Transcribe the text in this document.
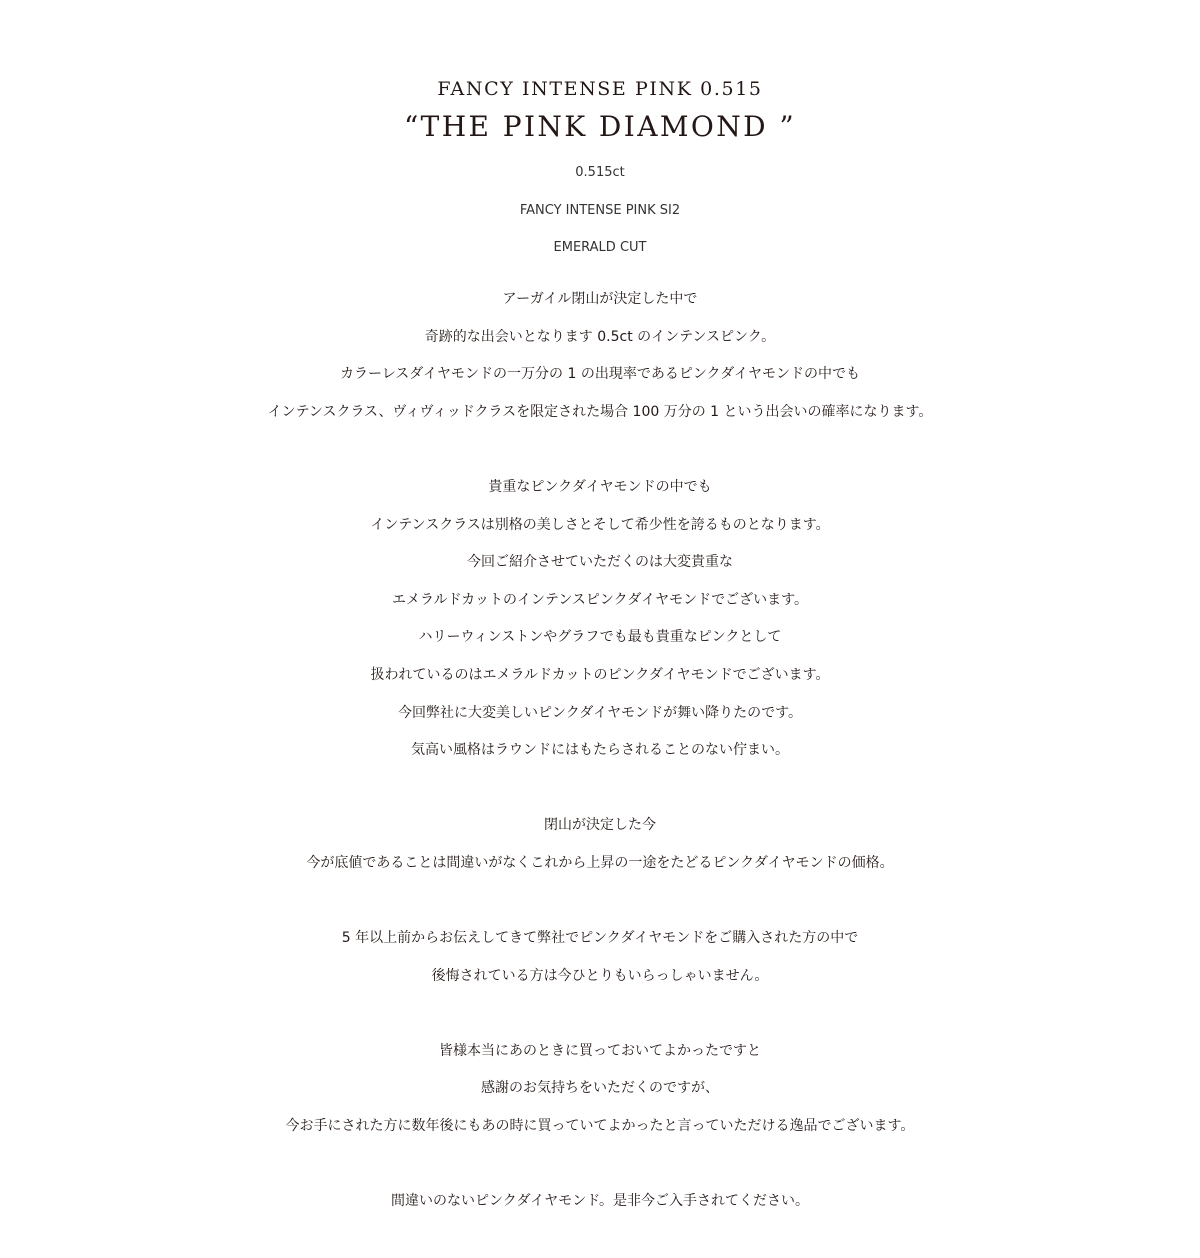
FANCY INTENSE PINK 0.515
“THE PINK DIAMOND ”
0.515ct
FANCY INTENSE PINK SI2
EMERALD CUT
アーガイル閉山が決定した中で
奇跡的な出会いとなります 0.5ct のインテンスピンク。
カラーレスダイヤモンドの一万分の 1 の出現率であるピンクダイヤモンドの中でも
インテンスクラス、ヴィヴィッドクラスを限定された場合 100 万分の 1 という出会いの確率になります。
貴重なピンクダイヤモンドの中でも
インテンスクラスは別格の美しさとそして希少性を誇るものとなります。
今回ご紹介させていただくのは大変貴重な
エメラルドカットのインテンスピンクダイヤモンドでございます。
ハリーウィンストンやグラフでも最も貴重なピンクとして
扱われているのはエメラルドカットのピンクダイヤモンドでございます。
今回弊社に大変美しいピンクダイヤモンドが舞い降りたのです。
気高い風格はラウンドにはもたらされることのない佇まい。
閉山が決定した今
今が底値であることは間違いがなくこれから上昇の一途をたどるピンクダイヤモンドの価格。
5 年以上前からお伝えしてきて弊社でピンクダイヤモンドをご購入された方の中で
後悔されている方は今ひとりもいらっしゃいません。
皆様本当にあのときに買っておいてよかったですと
感謝のお気持ちをいただくのですが、
今お手にされた方に数年後にもあの時に買っていてよかったと言っていただける逸品でございます。
間違いのないピンクダイヤモンド。是非今ご入手されてください。
